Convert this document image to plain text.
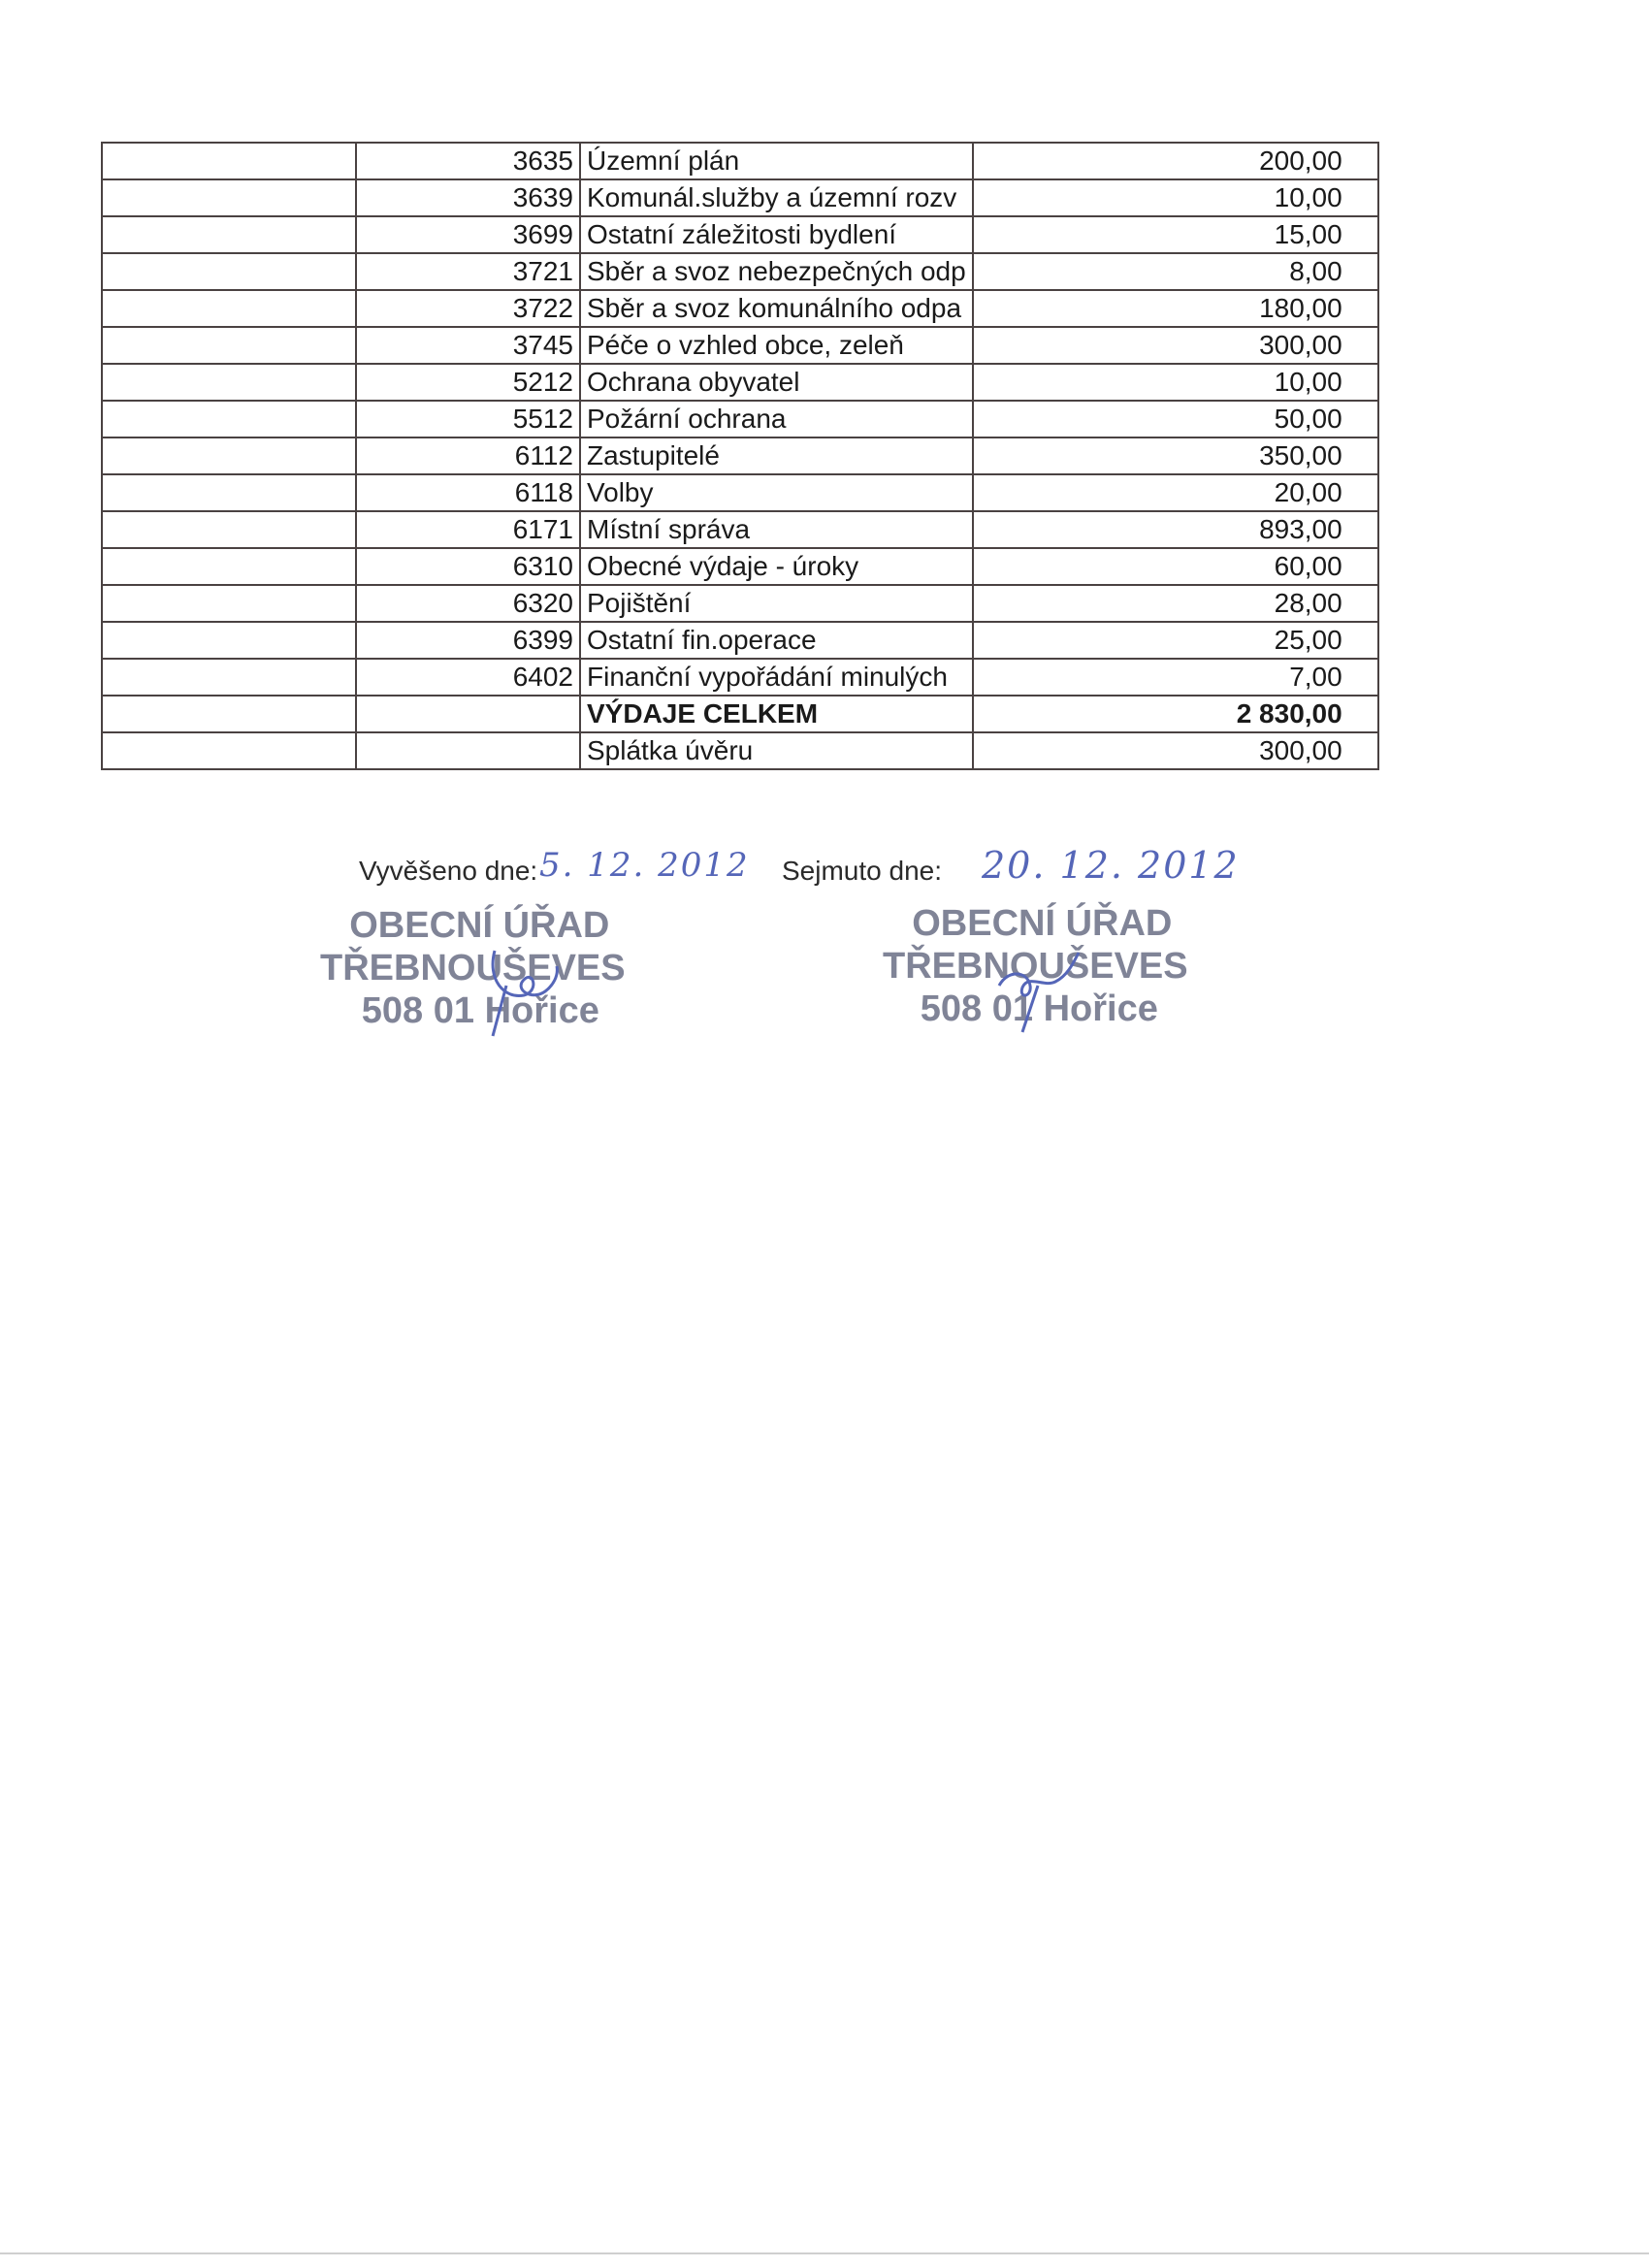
	3635	Územní plán	200,00
	3639	Komunál.služby a územní rozv	10,00
	3699	Ostatní záležitosti bydlení	15,00
	3721	Sběr a svoz nebezpečných odp	8,00
	3722	Sběr a svoz komunálního odpa	180,00
	3745	Péče o vzhled obce, zeleň	300,00
	5212	Ochrana obyvatel	10,00
	5512	Požární ochrana	50,00
	6112	Zastupitelé	350,00
	6118	Volby	20,00
	6171	Místní správa	893,00
	6310	Obecné výdaje - úroky	60,00
	6320	Pojištění	28,00
	6399	Ostatní fin.operace	25,00
	6402	Finanční vypořádání minulých	7,00
		VÝDAJE CELKEM	2 830,00
		Splátka úvěru	300,00
Vyvěšeno dne: 5. 12. 2012 Sejmuto dne: 20. 12. 2012
OBECNÍ ÚŘAD
TŘEBNOUŠEVES
508 01 Hořice
OBECNÍ ÚŘAD
TŘEBNOUŠEVES
508 01 Hořice
